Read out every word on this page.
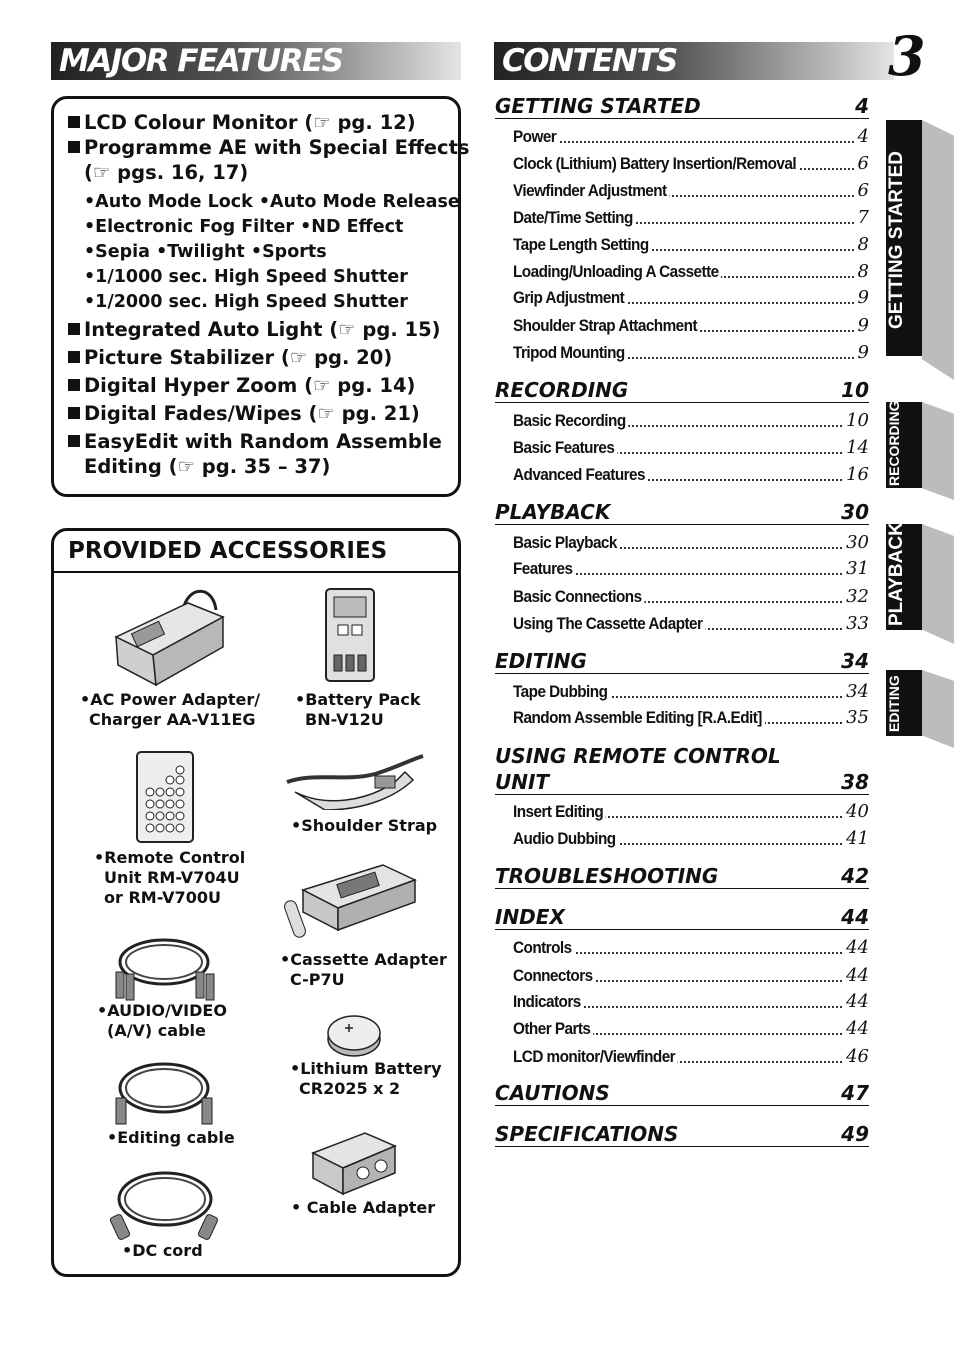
MAJOR FEATURES
LCD Colour Monitor (☞ pg. 12)
Programme AE with Special Effects
(☞ pgs. 16, 17)
•Auto Mode Lock •Auto Mode Release
•Electronic Fog Filter •ND Effect
•Sepia •Twilight •Sports
•1/1000 sec. High Speed Shutter
•1/2000 sec. High Speed Shutter
Integrated Auto Light (☞ pg. 15)
Picture Stabilizer (☞ pg. 20)
Digital Hyper Zoom (☞ pg. 14)
Digital Fades/Wipes (☞ pg. 21)
EasyEdit with Random Assemble
Editing (☞ pg. 35 – 37)
PROVIDED ACCESSORIES
•AC Power Adapter/
Charger AA-V11EG
•Battery Pack
BN-V12U
•Shoulder Strap
•Remote Control
Unit RM-V704U
or RM-V700U
•Cassette Adapter
C-P7U
•AUDIO/VIDEO
(A/V) cable
•Lithium Battery
CR2025 x 2
•Editing cable
• Cable Adapter
•DC cord
CONTENTS	3
GETTING STARTED	4
Power	4
Clock (Lithium) Battery Insertion/Removal	6
Viewfinder Adjustment	6
Date/Time Setting	7
Tape Length Setting	8
Loading/Unloading A Cassette	8
Grip Adjustment	9
Shoulder Strap Attachment	9
Tripod Mounting	9
RECORDING	10
Basic Recording	10
Basic Features	14
Advanced Features	16
PLAYBACK	30
Basic Playback	30
Features	31
Basic Connections	32
Using The Cassette Adapter	33
EDITING	34
Tape Dubbing	34
Random Assemble Editing [R.A.Edit]	35
USING REMOTE CONTROL
UNIT	38
Insert Editing	40
Audio Dubbing	41
TROUBLESHOOTING	42
INDEX	44
Controls	44
Connectors	44
Indicators	44
Other Parts	44
LCD monitor/Viewfinder	46
CAUTIONS	47
SPECIFICATIONS	49
GETTING STARTED
RECORDING
PLAYBACK
EDITING
